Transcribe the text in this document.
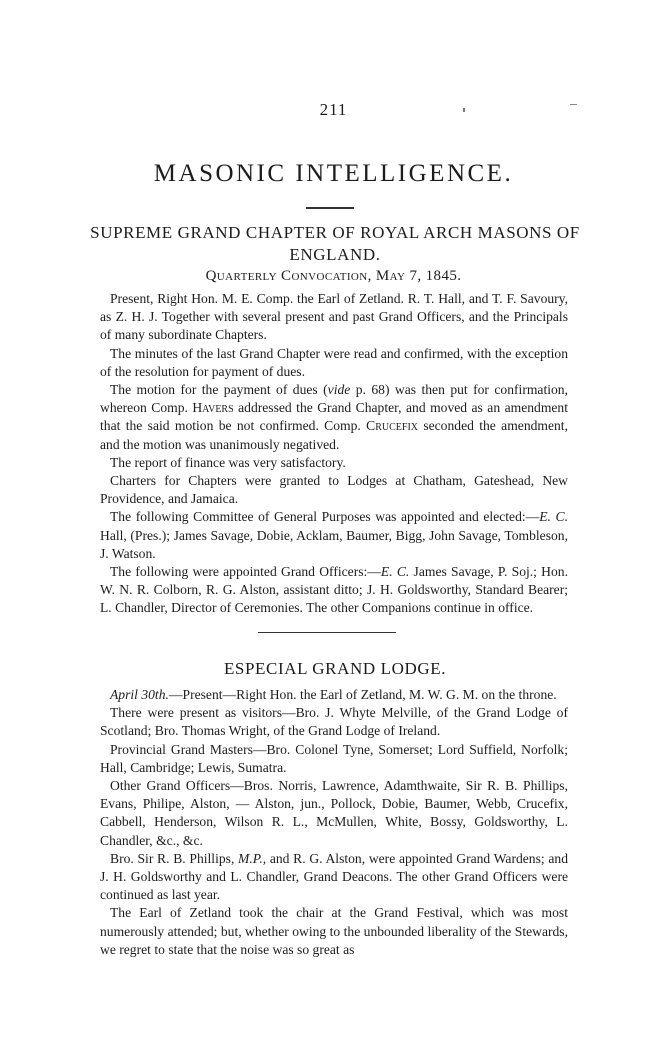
211
MASONIC INTELLIGENCE.
SUPREME GRAND CHAPTER OF ROYAL ARCH MASONS OF ENGLAND.
Quarterly Convocation, May 7, 1845.

Present, Right Hon. M. E. Comp. the Earl of Zetland. R. T. Hall, and T. F. Savoury, as Z. H. J. Together with several present and past Grand Officers, and the Principals of many subordinate Chapters.

The minutes of the last Grand Chapter were read and confirmed, with the exception of the resolution for payment of dues.

The motion for the payment of dues (vide p. 68) was then put for confirmation, whereon Comp. Havers addressed the Grand Chapter, and moved as an amendment that the said motion be not confirmed. Comp. Crucefix seconded the amendment, and the motion was unanimously negatived.

The report of finance was very satisfactory.

Charters for Chapters were granted to Lodges at Chatham, Gateshead, New Providence, and Jamaica.

The following Committee of General Purposes was appointed and elected:—E. C. Hall, (Pres.); James Savage, Dobie, Acklam, Baumer, Bigg, John Savage, Tombleson, J. Watson.

The following were appointed Grand Officers:—E. C. James Savage, P. Soj.; Hon. W. N. R. Colborn, R. G. Alston, assistant ditto; J. H. Goldsworthy, Standard Bearer; L. Chandler, Director of Ceremonies. The other Companions continue in office.

ESPECIAL GRAND LODGE.

April 30th.—Present—Right Hon. the Earl of Zetland, M. W. G. M. on the throne.

There were present as visitors—Bro. J. Whyte Melville, of the Grand Lodge of Scotland; Bro. Thomas Wright, of the Grand Lodge of Ireland.

Provincial Grand Masters—Bro. Colonel Tyne, Somerset; Lord Suffield, Norfolk; Hall, Cambridge; Lewis, Sumatra.

Other Grand Officers—Bros. Norris, Lawrence, Adamthwaite, Sir R. B. Phillips, Evans, Philipe, Alston, — Alston, jun., Pollock, Dobie, Baumer, Webb, Crucefix, Cabbell, Henderson, Wilson R. L., McMullen, White, Bossy, Goldsworthy, L. Chandler, &c., &c.

Bro. Sir R. B. Phillips, M.P., and R. G. Alston, were appointed Grand Wardens; and J. H. Goldsworthy and L. Chandler, Grand Deacons. The other Grand Officers were continued as last year.

The Earl of Zetland took the chair at the Grand Festival, which was most numerously attended; but, whether owing to the unbounded liberality of the Stewards, we regret to state that the noise was so great as
